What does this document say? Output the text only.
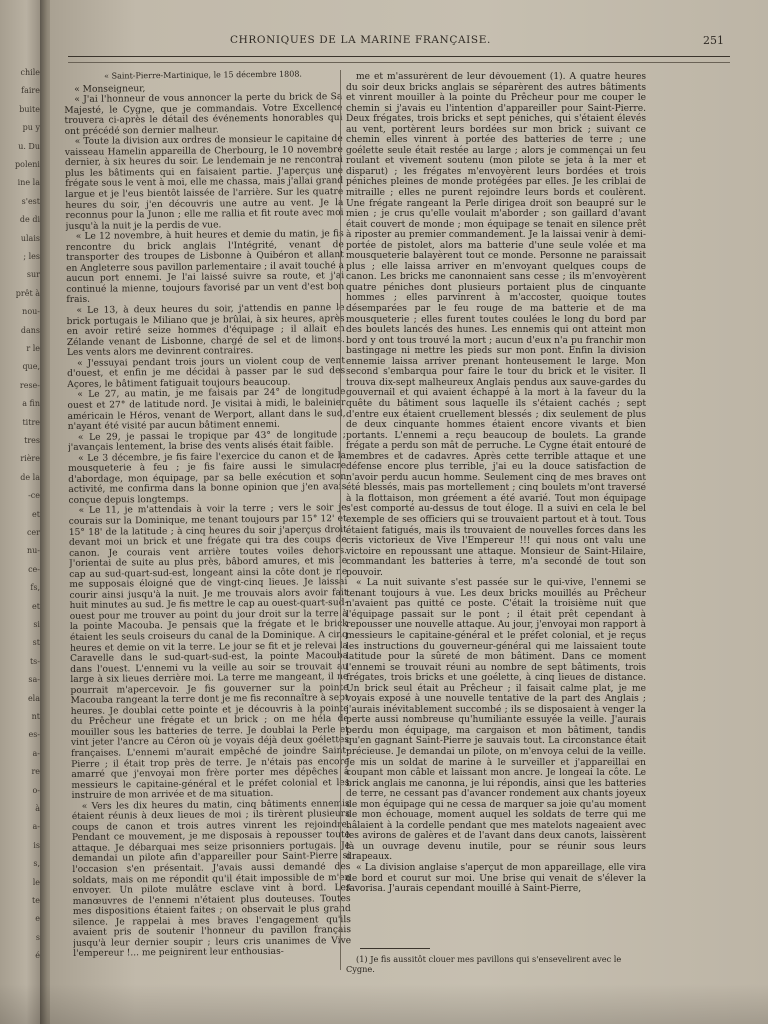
chile
faire
buite
pu y
u. Du
poleni
ine la
s'est
de di
ulais
; les
sur
prêt à
nou-
dans
r le
que,
rese-
a fin
titre
tres
rière
de la
-ce
et
cer
nu-
ce-
fs,
et
si
st
ts-
sa-
ela
nt
es-
a-
re
o-
à
a-
is
s,
le
te
e
s
é
CHRONIQUES DE LA MARINE FRANÇAISE.	251

« Saint-Pierre-Martinique, le 15 décembre 1808.

« Monseigneur,

« J'ai l'honneur de vous annoncer la perte du brick de Sa Majesté, le Cygne, que je commandais. Votre Excellence trouvera ci-après le détail des événements honorables qui ont précédé son dernier malheur.

« Toute la division aux ordres de monsieur le capitaine de vaisseau Hamelin appareilla de Cherbourg, le 10 novembre dernier, à six heures du soir. Le lendemain je ne rencontrai plus les bâtiments qui en faisaient partie. J'aperçus une frégate sous le vent à moi, elle me chassa, mais j'allai grand largue et je l'eus bientôt laissée de l'arrière. Sur les quatre heures du soir, j'en découvris une autre au vent. Je la reconnus pour la Junon ; elle me rallia et fit route avec moi jusqu'à la nuit je la perdis de vue.

« Le 12 novembre, à huit heures et demie du matin, je fis rencontre du brick anglais l'Intégrité, venant de transporter des troupes de Lisbonne à Quibéron et allant en Angleterre sous pavillon parlementaire ; il avait touché à aucun port ennemi. Je l'ai laissé suivre sa route, et j'ai continué la mienne, toujours favorisé par un vent d'est bon frais.

« Le 13, à deux heures du soir, j'attendis en panne le brick portugais le Miliano que je brûlai, à six heures, après en avoir retiré seize hommes d'équipage ; il allait en Zélande venant de Lisbonne, chargé de sel et de limons. Les vents alors me devinrent contraires.

« J'essuyai pendant trois jours un violent coup de vent d'ouest, et enfin je me décidai à passer par le sud des Açores, le bâtiment fatiguait toujours beaucoup.

« Le 27, au matin, je me faisais par 24° de longitude ouest et 27° de latitude nord. Je visitai à midi, le baleinier américain le Héros, venant de Werport, allant dans le sud, n'ayant été visité par aucun bâtiment ennemi.

« Le 29, je passai le tropique par 43° de longitude ; j'avançais lentement, la brise des vents alisés était faible.

« Le 3 décembre, je fis faire l'exercice du canon et de la mousqueterie à feu ; je fis faire aussi le simulacre d'abordage, mon équipage, par sa belle exécution et son activité, me confirma dans la bonne opinion que j'en avais conçue depuis longtemps.

« Le 11, je m'attendais à voir la terre ; vers le soir je courais sur la Dominique, me tenant toujours par 15° 12' et 15° 18' de la latitude ; à cinq heures du soir j'aperçus droit devant moi un brick et une frégate qui tra des coups de canon. Je courais vent arrière toutes voiles dehors. J'orientai de suite au plus près, bâbord amures, et mis le cap au sud-quart-sud-est, longeant ainsi la côte dont je ne me supposais éloigné que de vingt-cinq lieues. Je laissai courir ainsi jusqu'à la nuit. Je me trouvais alors avoir fait huit minutes au sud. Je fis mettre le cap au ouest-quart-sud-ouest pour me trouver au point du jour droit sur la terre à la pointe Macouba. Je pensais que la frégate et le brick étaient les seuls croiseurs du canal de la Dominique. A cinq heures et demie on vit la terre. Le jour se fit et je relevai la Caravelle dans le sud-quart-sud-est, la pointe Macouba dans l'ouest. L'ennemi vu la veille au soir se trouvait au large à six lieues derrière moi. La terre me mangeant, il ne pourrait m'apercevoir. Je fis gouverner sur la pointe Macouba rangeant la terre dont je me fis reconnaître à sept heures. Je doublai cette pointe et je découvris à la pointe du Prêcheur une frégate et un brick ; on me héla de mouiller sous les batteries de terre. Je doublai la Perle et vint jeter l'ancre au Céron où je voyais déjà deux goélettes françaises. L'ennemi m'aurait empêché de joindre Saint-Pierre ; il était trop près de terre. Je n'étais pas encore amarré que j'envoyai mon frère porter mes dépêches à messieurs le capitaine-général et le préfet colonial et les instruire de mon arrivée et de ma situation.

« Vers les dix heures du matin, cinq bâtiments ennemis étaient réunis à deux lieues de moi ; ils tirèrent plusieurs coups de canon et trois autres vinrent les rejoindre. Pendant ce mouvement, je me disposais à repousser toute attaque. Je débarquai mes seize prisonniers portugais. Je demandai un pilote afin d'appareiller pour Saint-Pierre si l'occasion s'en présentait. J'avais aussi demandé des soldats, mais on me répondit qu'il était impossible de m'en envoyer. Un pilote mulâtre esclave vint à bord. Les manœuvres de l'ennemi n'étaient plus douteuses. Toutes mes dispositions étaient faites ; on observait le plus grand silence. Je rappelai à mes braves l'engagement qu'ils avaient pris de soutenir l'honneur du pavillon français jusqu'à leur dernier soupir ; leurs cris unanimes de Vive l'empereur !... me peignirent leur enthousias-

me et m'assurèrent de leur dévouement (1). A quatre heures du soir deux bricks anglais se séparèrent des autres bâtiments et vinrent mouiller à la pointe du Prêcheur pour me couper le chemin si j'avais eu l'intention d'appareiller pour Saint-Pierre. Deux frégates, trois bricks et sept péniches, qui s'étaient élevés au vent, portèrent leurs bordées sur mon brick ; suivant ce chemin elles vinrent à portée des batteries de terre ; une goélette seule était restée au large ; alors je commençai un feu roulant et vivement soutenu (mon pilote se jeta à la mer et disparut) ; les frégates m'envoyèrent leurs bordées et trois péniches pleines de monde protégées par elles. Je les criblai de mitraille ; elles ne purent rejoindre leurs bords et coulèrent. Une frégate rangeant la Perle dirigea droit son beaupré sur le mien ; je crus qu'elle voulait m'aborder ; son gaillard d'avant était couvert de monde ; mon équipage se tenait en silence prêt à riposter au premier commandement. Je la laissai venir à demi-portée de pistolet, alors ma batterie d'une seule volée et ma mousqueterie balayèrent tout ce monde. Personne ne paraissait plus ; elle laissa arriver en m'envoyant quelques coups de canon. Les bricks me canonnaient sans cesse ; ils m'envoyèrent quatre péniches dont plusieurs portaient plus de cinquante hommes ; elles parvinrent à m'accoster, quoique toutes désemparées par le feu rouge de ma batterie et de ma mousqueterie ; elles furent toutes coulées le long du bord par des boulets lancés des hunes. Les ennemis qui ont atteint mon bord y ont tous trouvé la mort ; aucun d'eux n'a pu franchir mon bastingage ni mettre les pieds sur mon pont. Enfin la division ennemie laissa arriver prenant honteusement le large. Mon second s'embarqua pour faire le tour du brick et le visiter. Il trouva dix-sept malheureux Anglais pendus aux sauve-gardes du gouvernail et qui avaient échappé à la mort à la faveur du la quête du bâtiment sous laquelle ils s'étaient cachés ; sept d'entre eux étaient cruellement blessés ; dix seulement de plus de deux cinquante hommes étaient encore vivants et bien portants. L'ennemi a reçu beaucoup de boulets. La grande frégate a perdu son mât de perruche. Le Cygne était entouré de membres et de cadavres. Après cette terrible attaque et une défense encore plus terrible, j'ai eu la douce satisfaction de n'avoir perdu aucun homme. Seulement cinq de mes braves ont été blessés, mais pas mortellement ; cinq boulets m'ont traversé à la flottaison, mon gréement a été avarié. Tout mon équipage s'est comporté au-dessus de tout éloge. Il a suivi en cela le bel exemple de ses officiers qui se trouvaient partout et à tout. Tous étaient fatigués, mais ils trouvaient de nouvelles forces dans les cris victorieux de Vive l'Empereur !!! qui nous ont valu une victoire en repoussant une attaque. Monsieur de Saint-Hilaire, commandant les batteries à terre, m'a secondé de tout son pouvoir.

« La nuit suivante s'est passée sur le qui-vive, l'ennemi se tenant toujours à vue. Les deux bricks mouillés au Prêcheur n'avaient pas quitté ce poste. C'était la troisième nuit que l'équipage passait sur le pont ; il était prêt cependant à repousser une nouvelle attaque. Au jour, j'envoyai mon rapport à messieurs le capitaine-général et le préfet colonial, et je reçus les instructions du gouverneur-général qui me laissaient toute latitude pour la sûreté de mon bâtiment. Dans ce moment l'ennemi se trouvait réuni au nombre de sept bâtiments, trois frégates, trois bricks et une goélette, à cinq lieues de distance. Un brick seul était au Prêcheur ; il faisait calme plat, je me voyais exposé à une nouvelle tentative de la part des Anglais ; j'aurais inévitablement succombé ; ils se disposaient à venger la perte aussi nombreuse qu'humiliante essuyée la veille. J'aurais perdu mon équipage, ma cargaison et mon bâtiment, tandis qu'en gagnant Saint-Pierre je sauvais tout. La circonstance était précieuse. Je demandai un pilote, on m'envoya celui de la veille. Je mis un soldat de marine à le surveiller et j'appareillai en coupant mon câble et laissant mon ancre. Je longeai la côte. Le brick anglais me canonna, je lui répondis, ainsi que les batteries de terre, ne cessant pas d'avancer rondement aux chants joyeux de mon équipage qui ne cessa de marquer sa joie qu'au moment de mon échouage, moment auquel les soldats de terre qui me hâlaient à la cordelle pendant que mes matelots nageaient avec les avirons de galères et de l'avant dans deux canots, laissèrent là un ouvrage devenu inutile, pour se réunir sous leurs drapeaux.

« La division anglaise s'aperçut de mon appareillage, elle vira de bord et courut sur moi. Une brise qui venait de s'élever la favorisa. J'aurais cependant mouillé à Saint-Pierre,

(1) Je fis aussitôt clouer mes pavillons qui s'ensevelirent avec le Cygne.
